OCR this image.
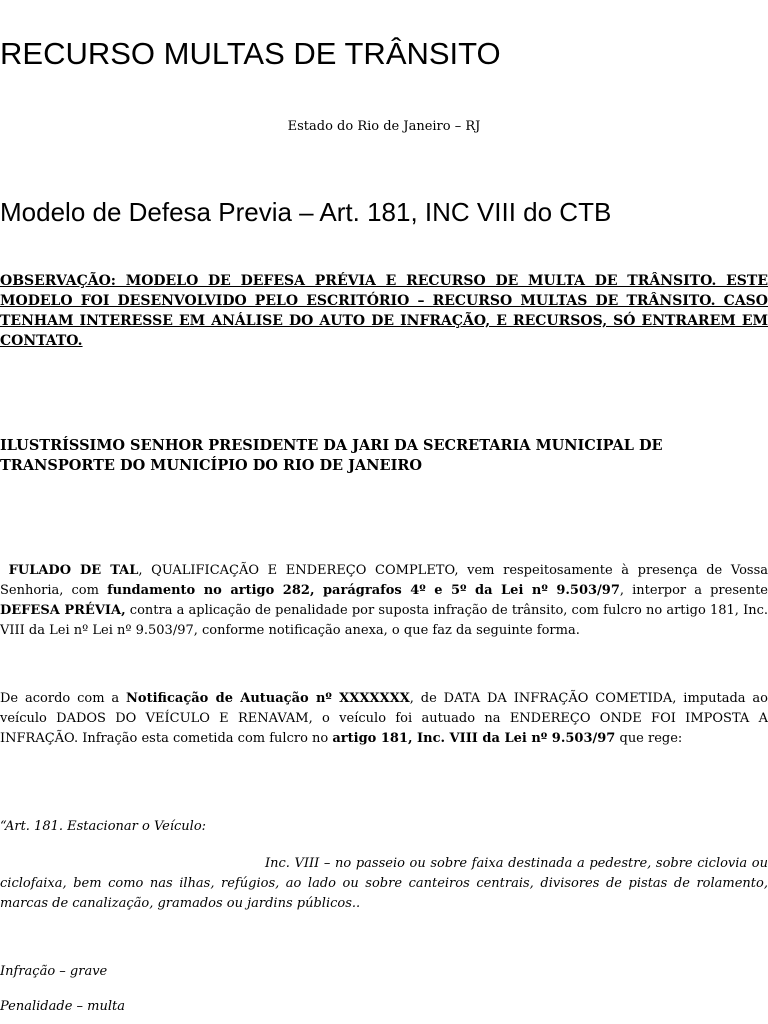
RECURSO MULTAS DE TRÂNSITO
Estado do Rio de Janeiro – RJ
Modelo de Defesa Previa – Art. 181, INC VIII do CTB
OBSERVAÇÃO: MODELO DE DEFESA PRÉVIA E RECURSO DE MULTA DE TRÂNSITO. ESTE MODELO FOI DESENVOLVIDO PELO ESCRITÓRIO – RECURSO MULTAS DE TRÂNSITO. CASO TENHAM INTERESSE EM ANÁLISE DO AUTO DE INFRAÇÃO, E RECURSOS, SÓ ENTRAREM EM CONTATO.
ILUSTRÍSSIMO SENHOR PRESIDENTE DA JARI DA SECRETARIA MUNICIPAL DE
TRANSPORTE DO MUNICÍPIO DO RIO DE JANEIRO
FULADO DE TAL, QUALIFICAÇÃO E ENDEREÇO COMPLETO, vem respeitosamente à presença de Vossa Senhoria, com fundamento no artigo 282, parágrafos 4º e 5º da Lei nº 9.503/97, interpor a presente DEFESA PRÉVIA, contra a aplicação de penalidade por suposta infração de trânsito, com fulcro no artigo 181, Inc. VIII da Lei nº Lei nº 9.503/97, conforme notificação anexa, o que faz da seguinte forma.
De acordo com a Notificação de Autuação nº XXXXXXX, de DATA DA INFRAÇÃO COMETIDA, imputada ao veículo DADOS DO VEÍCULO E RENAVAM, o veículo foi autuado na ENDEREÇO ONDE FOI IMPOSTA A INFRAÇÃO. Infração esta cometida com fulcro no artigo 181, Inc. VIII da Lei nº 9.503/97 que rege:
“Art. 181. Estacionar o Veículo:
Inc. VIII – no passeio ou sobre faixa destinada a pedestre, sobre ciclovia ou ciclofaixa, bem como nas ilhas, refúgios, ao lado ou sobre canteiros centrais, divisores de pistas de rolamento, marcas de canalização, gramados ou jardins públicos..
Infração – grave
Penalidade – multa
